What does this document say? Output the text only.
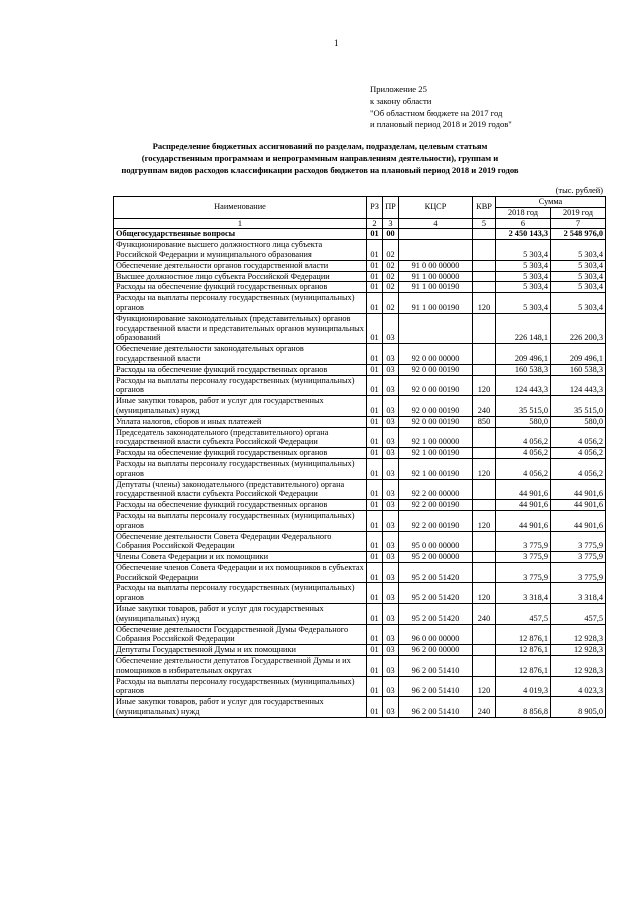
1
Приложение 25
к закону области
"Об областном бюджете на 2017 год
и плановый период 2018 и 2019 годов"
Распределение бюджетных ассигнований по разделам, подразделам, целевым статьям (государственным программам и непрограммным направлениям деятельности), группам и подгруппам видов расходов классификации расходов бюджетов на плановый период 2018 и 2019 годов
(тыс. рублей)
Наименование	РЗ	ПР	КЦСР	КВР	Сумма	
					2018 год	2019 год
1	2	3	4	5	6	7
Общегосударственные вопросы	01	00			2 450 143,3	2 548 976,0
Функционирование высшего должностного лица субъекта Российской Федерации и муниципального образования	01	02			5 303,4	5 303,4
Обеспечение деятельности органов государственной власти	01	02	91 0 00 00000		5 303,4	5 303,4
Высшее должностное лицо субъекта Российской Федерации	01	02	91 1 00 00000		5 303,4	5 303,4
Расходы на обеспечение функций государственных органов	01	02	91 1 00 00190		5 303,4	5 303,4
Расходы на выплаты персоналу государственных (муниципальных) органов	01	02	91 1 00 00190	120	5 303,4	5 303,4
Функционирование законодательных (представительных) органов государственной власти и представительных органов муниципальных образований	01	03			226 148,1	226 200,3
Обеспечение деятельности законодательных органов государственной власти	01	03	92 0 00 00000		209 496,1	209 496,1
Расходы на обеспечение функций государственных органов	01	03	92 0 00 00190		160 538,3	160 538,3
Расходы на выплаты персоналу государственных (муниципальных) органов	01	03	92 0 00 00190	120	124 443,3	124 443,3
Иные закупки товаров, работ и услуг для государственных (муниципальных) нужд	01	03	92 0 00 00190	240	35 515,0	35 515,0
Уплата налогов, сборов и иных платежей	01	03	92 0 00 00190	850	580,0	580,0
Председатель законодательного (представительного) органа государственной власти субъекта Российской Федерации	01	03	92 1 00 00000		4 056,2	4 056,2
Расходы на обеспечение функций государственных органов	01	03	92 1 00 00190		4 056,2	4 056,2
Расходы на выплаты персоналу государственных (муниципальных) органов	01	03	92 1 00 00190	120	4 056,2	4 056,2
Депутаты (члены) законодательного (представительного) органа государственной власти субъекта Российской Федерации	01	03	92 2 00 00000		44 901,6	44 901,6
Расходы на обеспечение функций государственных органов	01	03	92 2 00 00190		44 901,6	44 901,6
Расходы на выплаты персоналу государственных (муниципальных) органов	01	03	92 2 00 00190	120	44 901,6	44 901,6
Обеспечение деятельности Совета Федерации Федерального Собрания Российской Федерации	01	03	95 0 00 00000		3 775,9	3 775,9
Члены Совета Федерации и их помощники	01	03	95 2 00 00000		3 775,9	3 775,9
Обеспечение членов Совета Федерации и их помощников в субъектах Российской Федерации	01	03	95 2 00 51420		3 775,9	3 775,9
Расходы на выплаты персоналу государственных (муниципальных) органов	01	03	95 2 00 51420	120	3 318,4	3 318,4
Иные закупки товаров, работ и услуг для государственных (муниципальных) нужд	01	03	95 2 00 51420	240	457,5	457,5
Обеспечение деятельности Государственной Думы Федерального Собрания Российской Федерации	01	03	96 0 00 00000		12 876,1	12 928,3
Депутаты Государственной Думы и их помощники	01	03	96 2 00 00000		12 876,1	12 928,3
Обеспечение деятельности депутатов Государственной Думы и их помощников в избирательных округах	01	03	96 2 00 51410		12 876,1	12 928,3
Расходы на выплаты персоналу государственных (муниципальных) органов	01	03	96 2 00 51410	120	4 019,3	4 023,3
Иные закупки товаров, работ и услуг для государственных (муниципальных) нужд	01	03	96 2 00 51410	240	8 856,8	8 905,0
